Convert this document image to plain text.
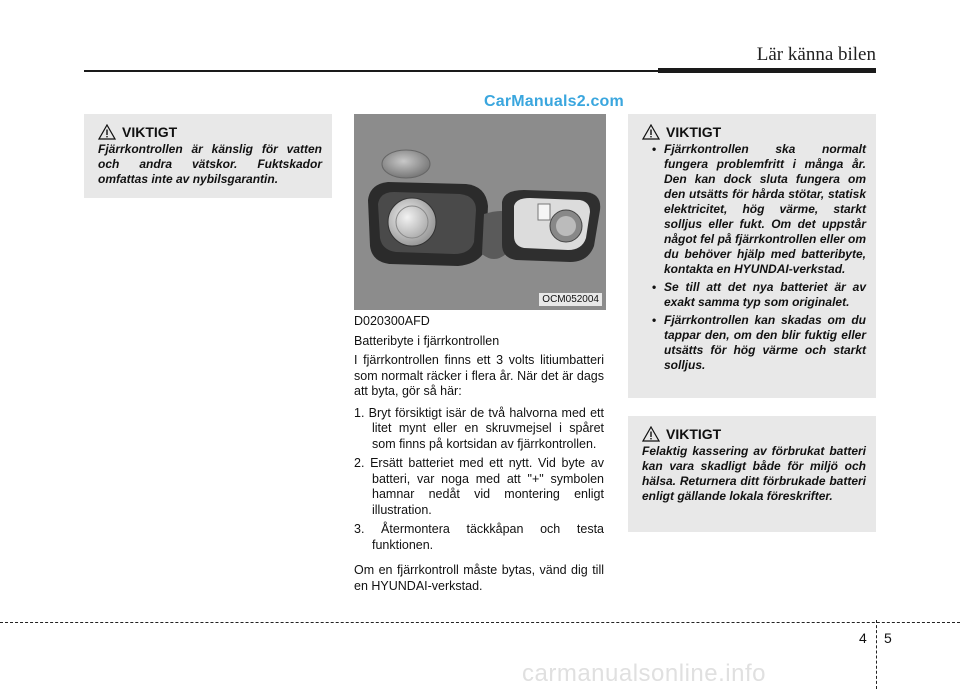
Lär känna bilen
CarManuals2.com
VIKTIGT
Fjärrkontrollen är känslig för vatten och andra vätskor. Fuktskador omfattas inte av nybilsgarantin.
OCM052004

D020300AFD

Batteribyte i fjärrkontrollen

I fjärrkontrollen finns ett 3 volts litiumbatteri som normalt räcker i flera år. När det är dags att byta, gör så här:

1. Bryt försiktigt isär de två halvorna med ett litet mynt eller en skruvmejsel i spåret som finns på kortsidan av fjärrkontrollen.
2. Ersätt batteriet med ett nytt. Vid byte av batteri, var noga med att "+" symbolen hamnar nedåt vid montering enligt illustration.
3. Återmontera täckkåpan och testa funktionen.

Om en fjärrkontroll måste bytas, vänd dig till en HYUNDAI-verkstad.

VIKTIGT
• Fjärrkontrollen ska normalt fungera problemfritt i många år. Den kan dock sluta fungera om den utsätts för hårda stötar, statisk elektricitet, hög värme, starkt solljus eller fukt. Om det uppstår något fel på fjärrkontrollen eller om du behöver hjälp med batteribyte, kontakta en HYUNDAI-verkstad.
• Se till att det nya batteriet är av exakt samma typ som originalet.
• Fjärrkontrollen kan skadas om du tappar den, om den blir fuktig eller utsätts för hög värme och starkt solljus.
VIKTIGT
Felaktig kassering av förbrukat batteri kan vara skadligt både för miljö och hälsa. Returnera ditt förbrukade batteri enligt gällande lokala föreskrifter.
4 5
carmanualsonline.info
